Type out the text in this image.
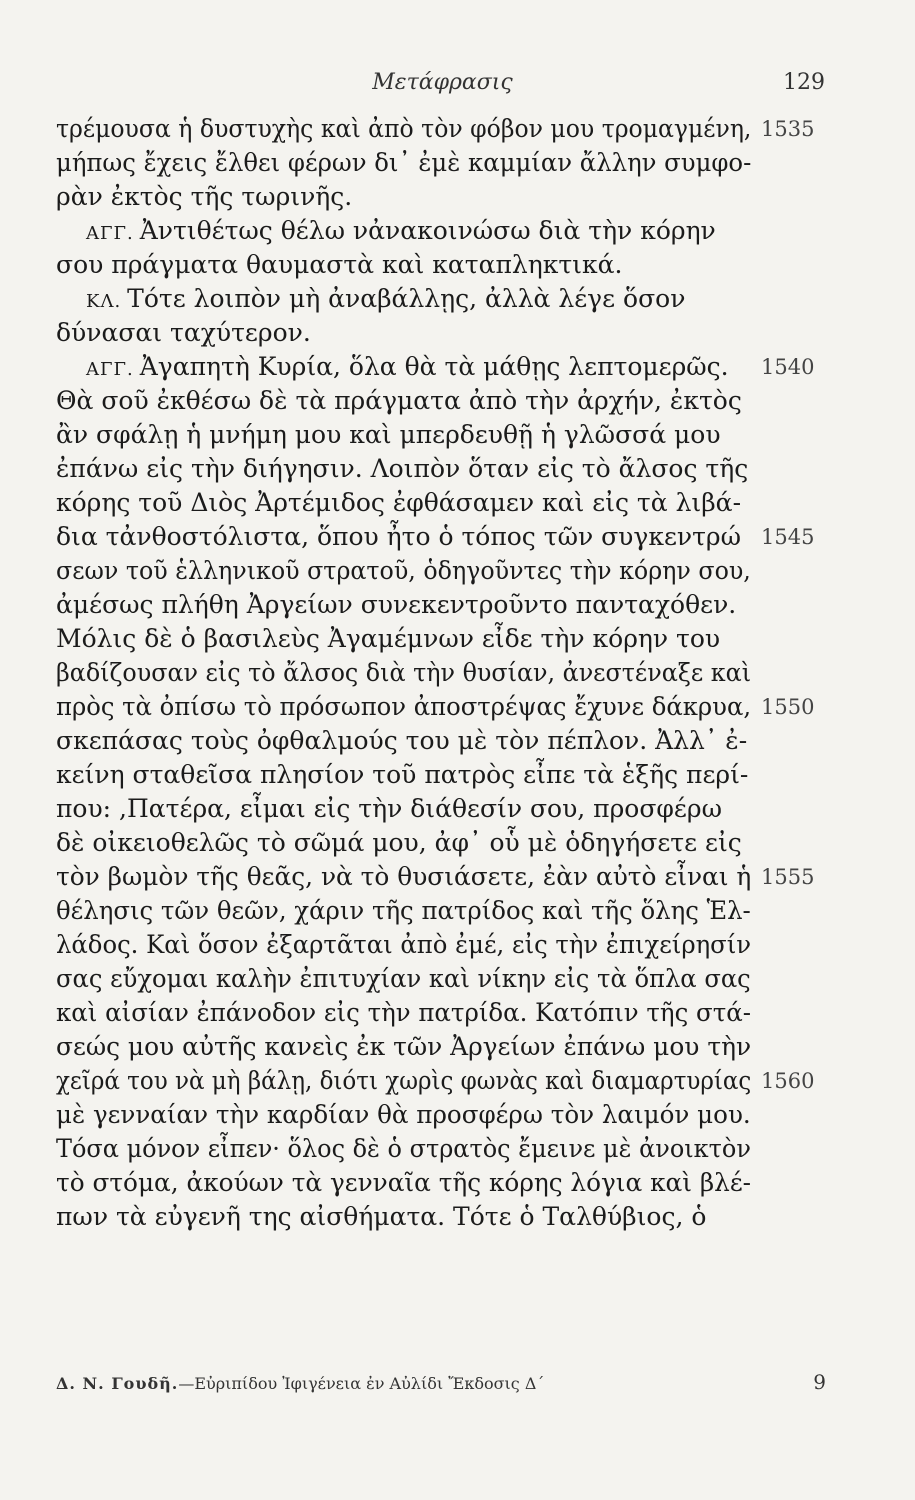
Μετάφρασις	129
τρέμουσα ἡ δυστυχὴς καὶ ἀπὸ τὸν φόβον μου τρομαγμένη, 1535
μήπως ἔχεις ἔλθει φέρων δι᾽ ἐμὲ καμμίαν ἄλλην συμφο-
ρὰν ἐκτὸς τῆς τωρινῆς.
ΑΓΓ. Ἀντιθέτως θέλω νἀνακοινώσω διὰ τὴν κόρην
σου πράγματα θαυμαστὰ καὶ καταπληκτικά.
ΚΛ. Τότε λοιπὸν μὴ ἀναβάλλῃς, ἀλλὰ λέγε ὅσον
δύνασαι ταχύτερον.
ΑΓΓ. Ἀγαπητὴ Κυρία, ὅλα θὰ τὰ μάθῃς λεπτομερῶς. 1540
Θὰ σοῦ ἐκθέσω δὲ τὰ πράγματα ἀπὸ τὴν ἀρχήν, ἐκτὸς
ἂν σφάλῃ ἡ μνήμη μου καὶ μπερδευθῇ ἡ γλῶσσά μου
ἐπάνω εἰς τὴν διήγησιν. Λοιπὸν ὅταν εἰς τὸ ἄλσος τῆς
κόρης τοῦ Διὸς Ἀρτέμιδος ἐφθάσαμεν καὶ εἰς τὰ λιβά-
δια τἀνθοστόλιστα, ὅπου ἦτο ὁ τόπος τῶν συγκεντρώ 1545
σεων τοῦ ἑλληνικοῦ στρατοῦ, ὁδηγοῦντες τὴν κόρην σου,
ἀμέσως πλήθη Ἀργείων συνεκεντροῦντο πανταχόθεν.
Μόλις δὲ ὁ βασιλεὺς Ἀγαμέμνων εἶδε τὴν κόρην του
βαδίζουσαν εἰς τὸ ἄλσος διὰ τὴν θυσίαν, ἀνεστέναξε καὶ
πρὸς τὰ ὀπίσω τὸ πρόσωπον ἀποστρέψας ἔχυνε δάκρυα, 1550
σκεπάσας τοὺς ὀφθαλμούς του μὲ τὸν πέπλον. Ἀλλ᾽ ἐ-
κείνη σταθεῖσα πλησίον τοῦ πατρὸς εἶπε τὰ ἑξῆς περί-
που: ,Πατέρα, εἶμαι εἰς τὴν διάθεσίν σου, προσφέρω
δὲ οἰκειοθελῶς τὸ σῶμά μου, ἀφ᾽ οὗ μὲ ὁδηγήσετε εἰς
τὸν βωμὸν τῆς θεᾶς, νὰ τὸ θυσιάσετε, ἐὰν αὐτὸ εἶναι ἡ 1555
θέλησις τῶν θεῶν, χάριν τῆς πατρίδος καὶ τῆς ὅλης Ἑλ-
λάδος. Καὶ ὅσον ἐξαρτᾶται ἀπὸ ἐμέ, εἰς τὴν ἐπιχείρησίν
σας εὔχομαι καλὴν ἐπιτυχίαν καὶ νίκην εἰς τὰ ὅπλα σας
καὶ αἰσίαν ἐπάνοδον εἰς τὴν πατρίδα. Κατόπιν τῆς στά-
σεώς μου αὐτῆς κανεὶς ἐκ τῶν Ἀργείων ἐπάνω μου τὴν
χεῖρά του νὰ μὴ βάλῃ, διότι χωρὶς φωνὰς καὶ διαμαρτυρίας 1560
μὲ γενναίαν τὴν καρδίαν θὰ προσφέρω τὸν λαιμόν μου.
Τόσα μόνον εἶπεν· ὅλος δὲ ὁ στρατὸς ἔμεινε μὲ ἀνοικτὸν
τὸ στόμα, ἀκούων τὰ γενναῖα τῆς κόρης λόγια καὶ βλέ-
πων τὰ εὐγενῆ της αἰσθήματα. Τότε ὁ Ταλθύβιος, ὁ
Δ. Ν. Γουδῆ.—Εὐριπίδου Ἰφιγένεια ἐν Αὐλίδι Ἔκδοσις Δ´	9
